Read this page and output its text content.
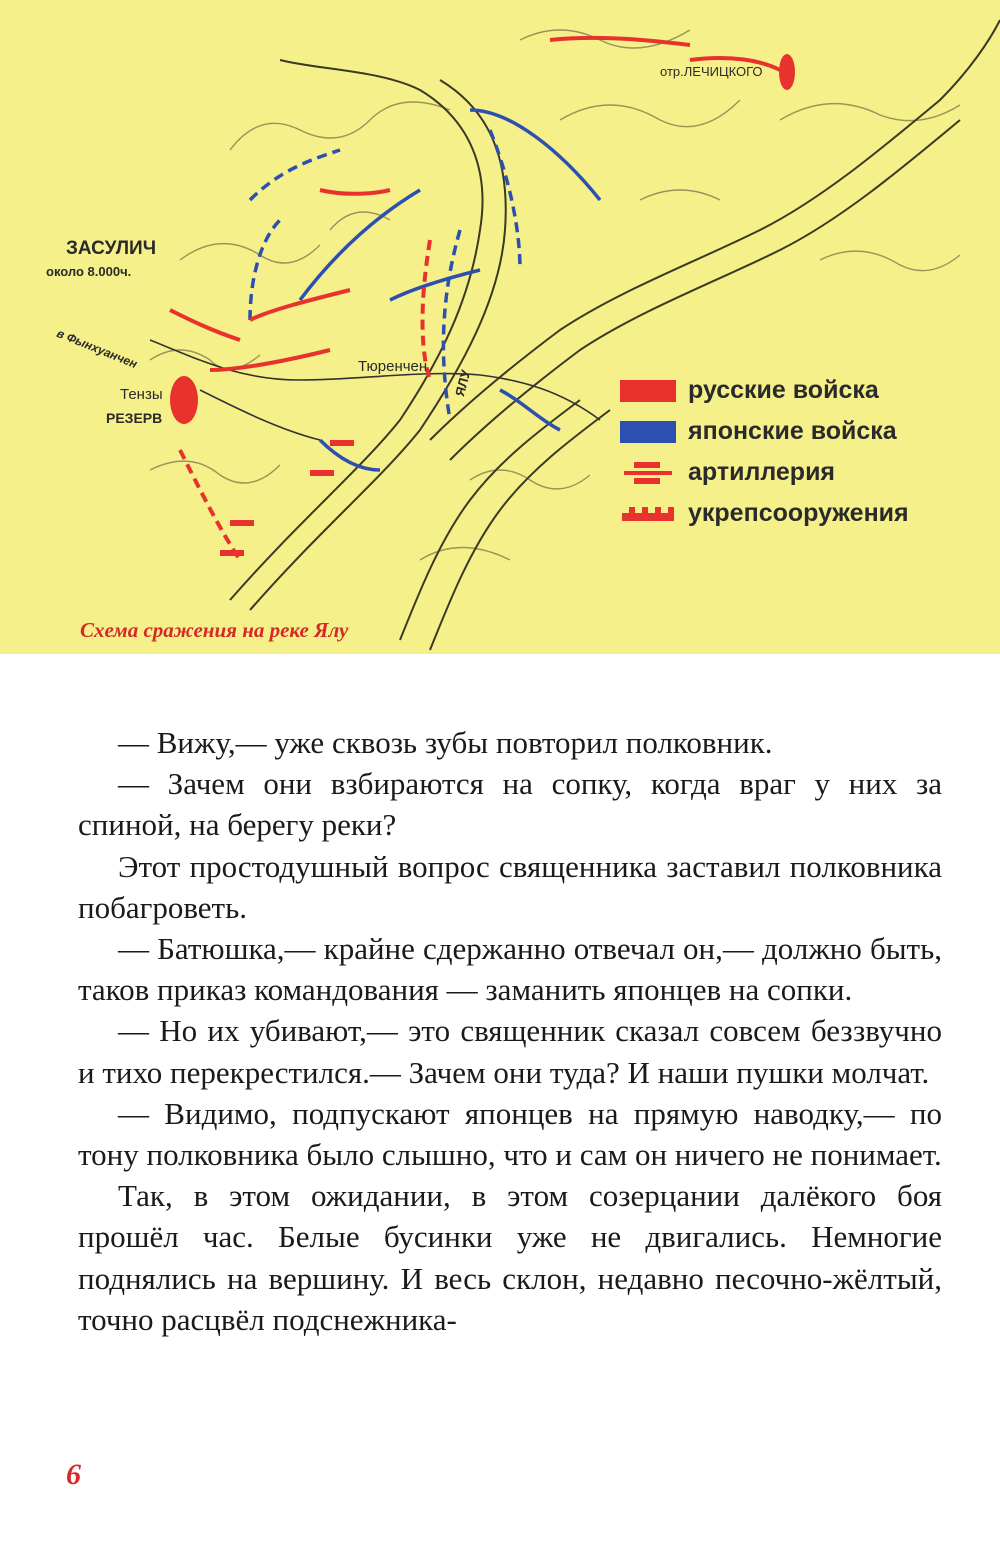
ЗАСУЛИЧ
около 8.000ч.
в Фынхуанчен
Тензы
РЕЗЕРВ
Тюренчен
ЯЛУ
отр.ЛЕЧИЦКОГО
русские войска
японские войска
артиллерия
укрепсооружения
Схема сражения на реке Ялу

— Вижу,— уже сквозь зубы повторил полковник.

— Зачем они взбираются на сопку, когда враг у них за спиной, на берегу реки?

Этот простодушный вопрос священника заставил полковника побагроветь.

— Батюшка,— крайне сдержанно отвечал он,— должно быть, таков приказ командования — заманить японцев на сопки.

— Но их убивают,— это священник сказал совсем беззвучно и тихо перекрестился.— Зачем они туда? И наши пушки молчат.

— Видимо, подпускают японцев на прямую наводку,— по тону полковника было слышно, что и сам он ничего не понимает.

Так, в этом ожидании, в этом созерцании далёкого боя прошёл час. Белые бусинки уже не двигались. Немногие поднялись на вершину. И весь склон, недавно песочно-жёлтый, точно расцвёл подснежника-

6
